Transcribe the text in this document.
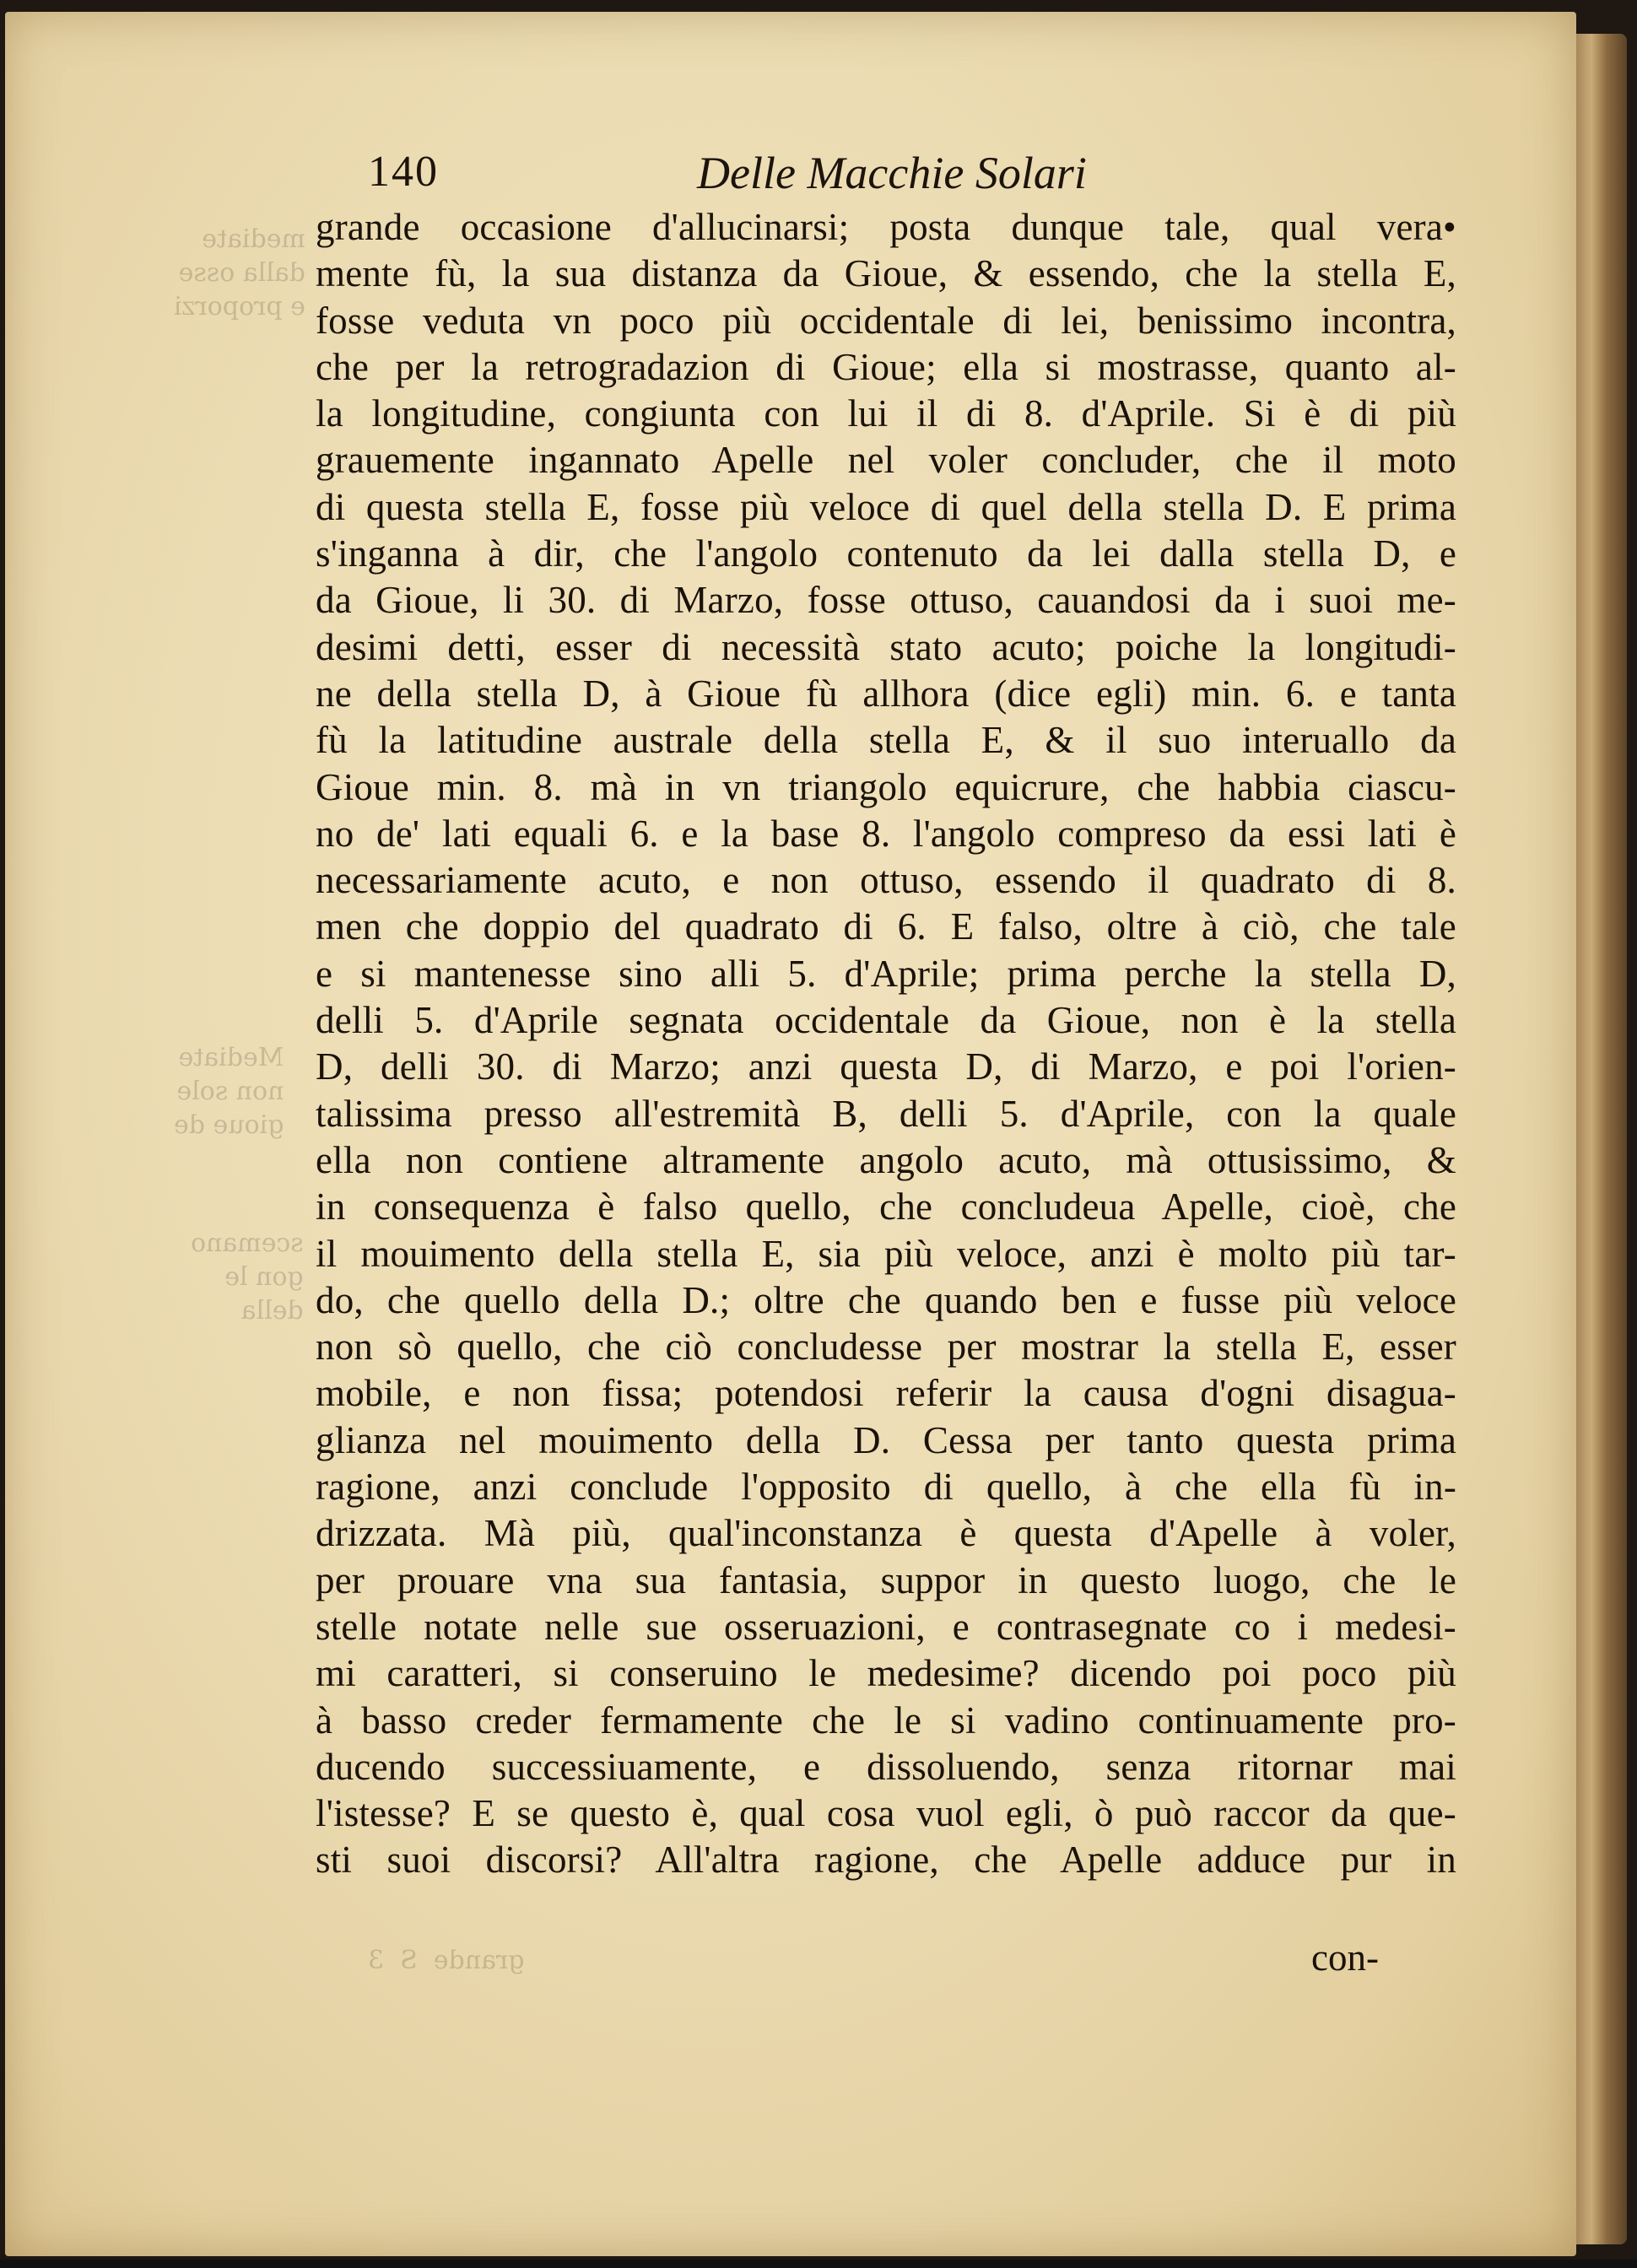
mediate
dalla osse
e proporzi
Mediate
non sole
gioue de
scemano
gon le
della
grande  S  3
140	Delle Macchie Solari
grande occasione d'allucinarsi; posta dunque tale, qual vera•
mente fù, la sua distanza da Gioue, & essendo, che la stella E,
fosse veduta vn poco più occidentale di lei, benissimo incontra,
che per la retrogradazion di Gioue; ella si mostrasse, quanto al-
la longitudine, congiunta con lui il di 8. d'Aprile. Si è di più
grauemente ingannato Apelle nel voler concluder, che il moto
di questa stella E, fosse più veloce di quel della stella D. E prima
s'inganna à dir, che l'angolo contenuto da lei dalla stella D, e
da Gioue, li 30. di Marzo, fosse ottuso, cauandosi da i suoi me-
desimi detti, esser di necessità stato acuto; poiche la longitudi-
ne della stella D, à Gioue fù allhora (dice egli) min. 6. e tanta
fù la latitudine australe della stella E, & il suo interuallo da
Gioue min. 8. mà in vn triangolo equicrure, che habbia ciascu-
no de' lati equali 6. e la base 8. l'angolo compreso da essi lati è
necessariamente acuto, e non ottuso, essendo il quadrato di 8.
men che doppio del quadrato di 6. E falso, oltre à ciò, che tale
e si mantenesse sino alli 5. d'Aprile; prima perche la stella D,
delli 5. d'Aprile segnata occidentale da Gioue, non è la stella
D, delli 30. di Marzo; anzi questa D, di Marzo, e poi l'orien-
talissima presso all'estremità B, delli 5. d'Aprile, con la quale
ella non contiene altramente angolo acuto, mà ottusissimo, &
in consequenza è falso quello, che concludeua Apelle, cioè, che
il mouimento della stella E, sia più veloce, anzi è molto più tar-
do, che quello della D.; oltre che quando ben e fusse più veloce
non sò quello, che ciò concludesse per mostrar la stella E, esser
mobile, e non fissa; potendosi referir la causa d'ogni disagua-
glianza nel mouimento della D. Cessa per tanto questa prima
ragione, anzi conclude l'opposito di quello, à che ella fù in-
drizzata. Mà più, qual'inconstanza è questa d'Apelle à voler,
per prouare vna sua fantasia, suppor in questo luogo, che le
stelle notate nelle sue osseruazioni, e contrasegnate co i medesi-
mi caratteri, si conseruino le medesime? dicendo poi poco più
à basso creder fermamente che le si vadino continuamente pro-
ducendo successiuamente, e dissoluendo, senza ritornar mai
l'istesse? E se questo è, qual cosa vuol egli, ò può raccor da que-
sti suoi discorsi? All'altra ragione, che Apelle adduce pur in
con-
